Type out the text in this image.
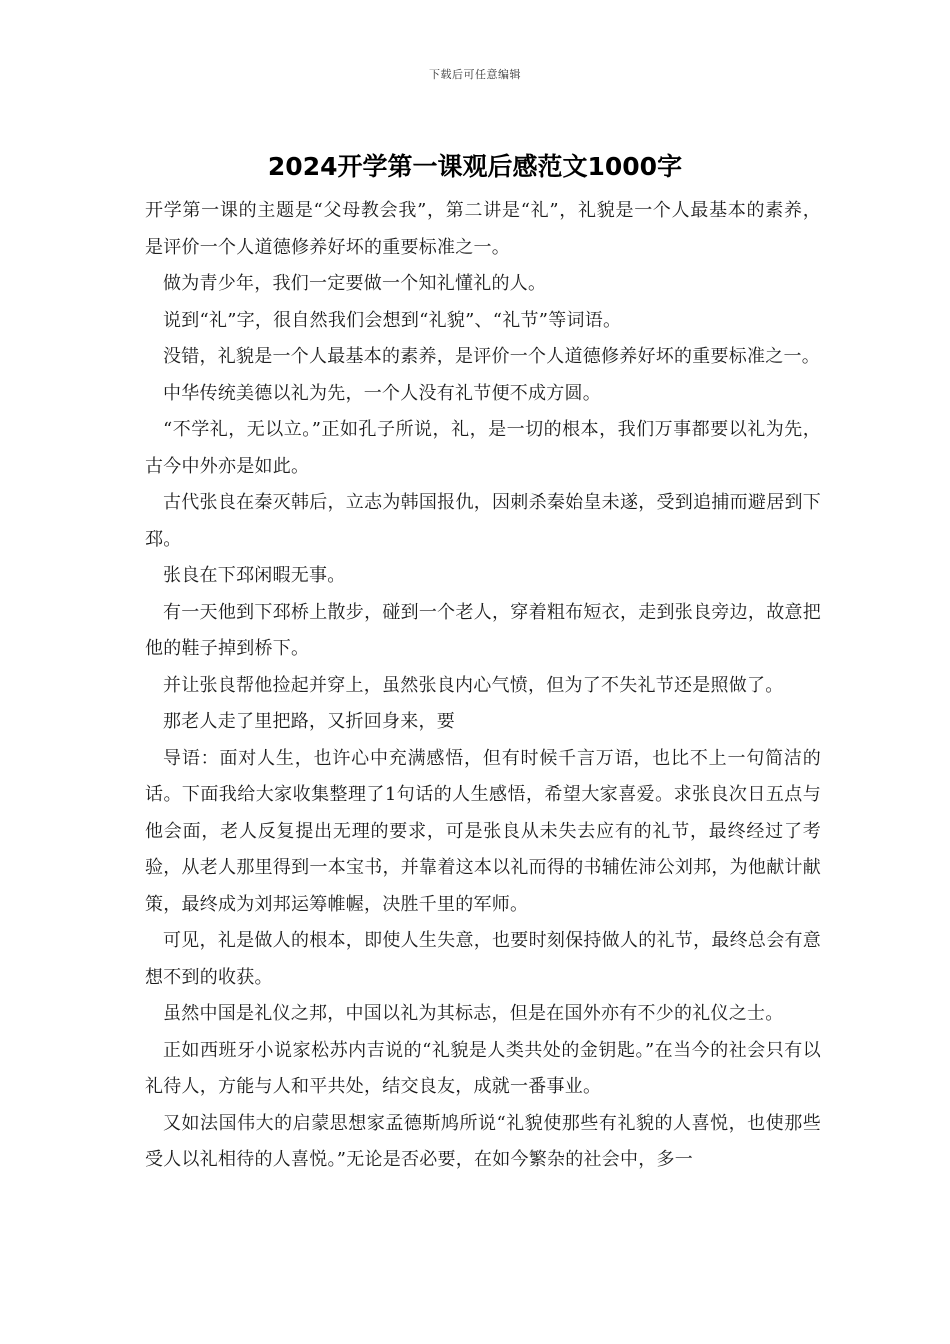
下载后可任意编辑
2024开学第一课观后感范文1000字

开学第一课的主题是“父母教会我”，第二讲是“礼”，礼貌是一个人最基本的素养，是评价一个人道德修养好坏的重要标准之一。

做为青少年，我们一定要做一个知礼懂礼的人。

说到“礼”字，很自然我们会想到“礼貌”、“礼节”等词语。

没错，礼貌是一个人最基本的素养，是评价一个人道德修养好坏的重要标准之一。

中华传统美德以礼为先，一个人没有礼节便不成方圆。

“不学礼，无以立。”正如孔子所说，礼，是一切的根本，我们万事都要以礼为先，古今中外亦是如此。

古代张良在秦灭韩后，立志为韩国报仇，因刺杀秦始皇未遂，受到追捕而避居到下邳。

张良在下邳闲暇无事。

有一天他到下邳桥上散步，碰到一个老人，穿着粗布短衣，走到张良旁边，故意把他的鞋子掉到桥下。

并让张良帮他捡起并穿上，虽然张良内心气愤，但为了不失礼节还是照做了。

那老人走了里把路，又折回身来，要

导语：面对人生，也许心中充满感悟，但有时候千言万语，也比不上一句简洁的话。下面我给大家收集整理了1句话的人生感悟，希望大家喜爱。求张良次日五点与他会面，老人反复提出无理的要求，可是张良从未失去应有的礼节，最终经过了考验，从老人那里得到一本宝书，并靠着这本以礼而得的书辅佐沛公刘邦，为他献计献策，最终成为刘邦运筹帷幄，决胜千里的军师。

可见，礼是做人的根本，即使人生失意，也要时刻保持做人的礼节，最终总会有意想不到的收获。

虽然中国是礼仪之邦，中国以礼为其标志，但是在国外亦有不少的礼仪之士。

正如西班牙小说家松苏内吉说的“礼貌是人类共处的金钥匙。”在当今的社会只有以礼待人，方能与人和平共处，结交良友，成就一番事业。

又如法国伟大的启蒙思想家孟德斯鸠所说“礼貌使那些有礼貌的人喜悦，也使那些受人以礼相待的人喜悦。”无论是否必要，在如今繁杂的社会中，多一
